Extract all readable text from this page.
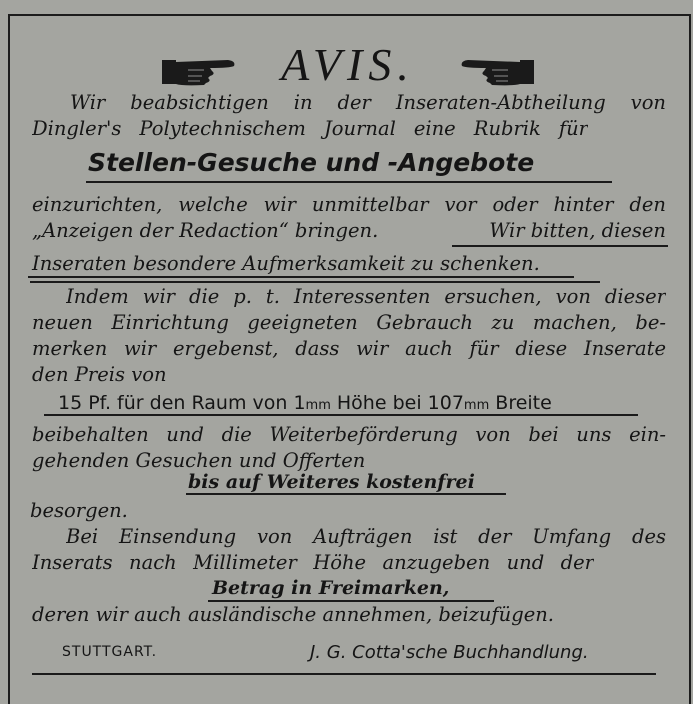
AVIS.
Wir beabsichtigen in der Inseraten-Abtheilung von
Dingler's Polytechnischem Journal eine Rubrik für
Stellen-Gesuche und -Angebote
einzurichten, welche wir unmittelbar vor oder hinter den
„Anzeigen der Redaction“ bringen.	Wir bitten, diesen
Inseraten besondere Aufmerksamkeit zu schenken.
Indem wir die p. t. Interessenten ersuchen, von dieser
neuen Einrichtung geeigneten Gebrauch zu machen, be-
merken wir ergebenst, dass wir auch für diese Inserate
den Preis von
15 Pf. für den Raum von 1mm Höhe bei 107mm Breite
beibehalten und die Weiterbeförderung von bei uns ein-
gehenden Gesuchen und Offerten
bis auf Weiteres kostenfrei
besorgen.
Bei Einsendung von Aufträgen ist der Umfang des
Inserats nach Millimeter Höhe anzugeben und der
Betrag in Freimarken,
deren wir auch ausländische annehmen, beizufügen.
STUTTGART.	J. G. Cotta'sche Buchhandlung.
